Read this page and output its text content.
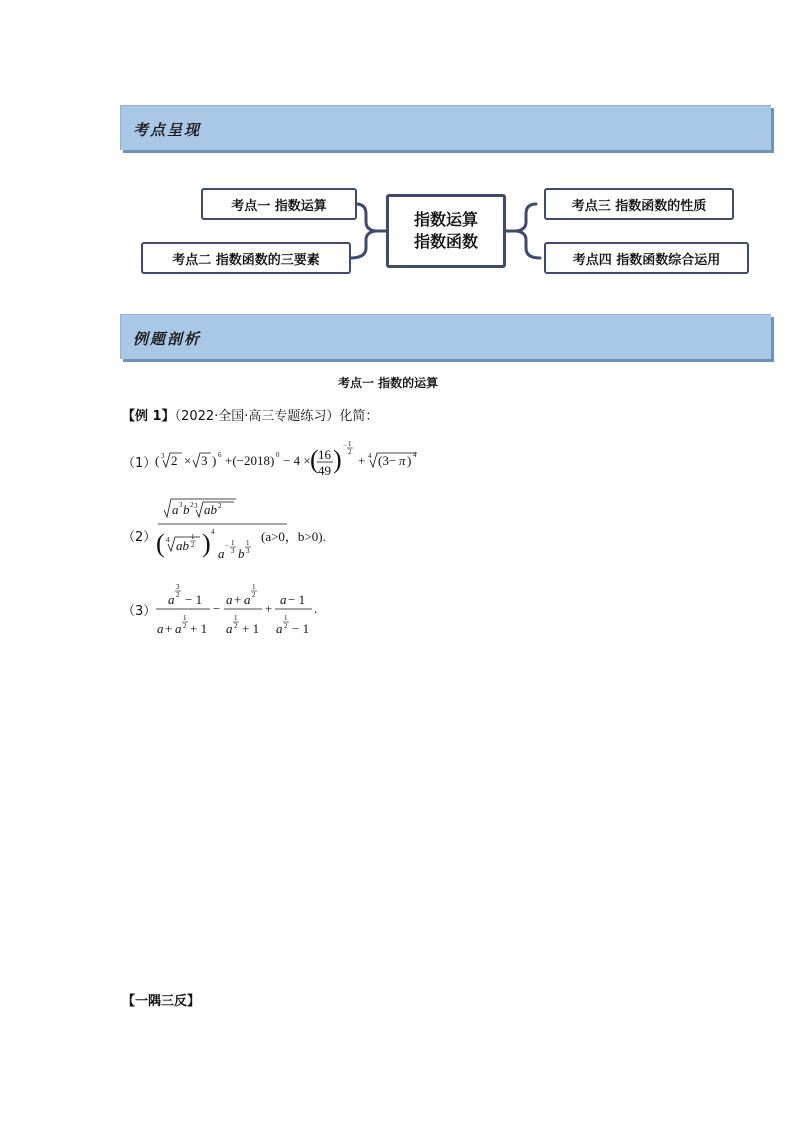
考点呈现
考点一 指数运算
考点二 指数函数的三要素
指数运算
指数函数
考点三 指数函数的性质
考点四 指数函数综合运用
例题剖析
考点一 指数的运算
【例 1】（2022·全国·高三专题练习）化简：
（1）
( 3 2 × 3 ) 6 +(−2018) 0 − 4 × ( 16
49 ) − 1
2
+ 4 (3− π ) 4
（2）
a 3 b 2 3 ab 2
( 4 ab
1
2 ) 4
a − 1
3 b
1
3
(a>0，b>0).
（3）
a
3
2 − 1
a + a
1
2 + 1
−
a + a
1
2
a
1
2 + 1
+
a − 1
a
1
2 − 1
.
【一隅三反】
